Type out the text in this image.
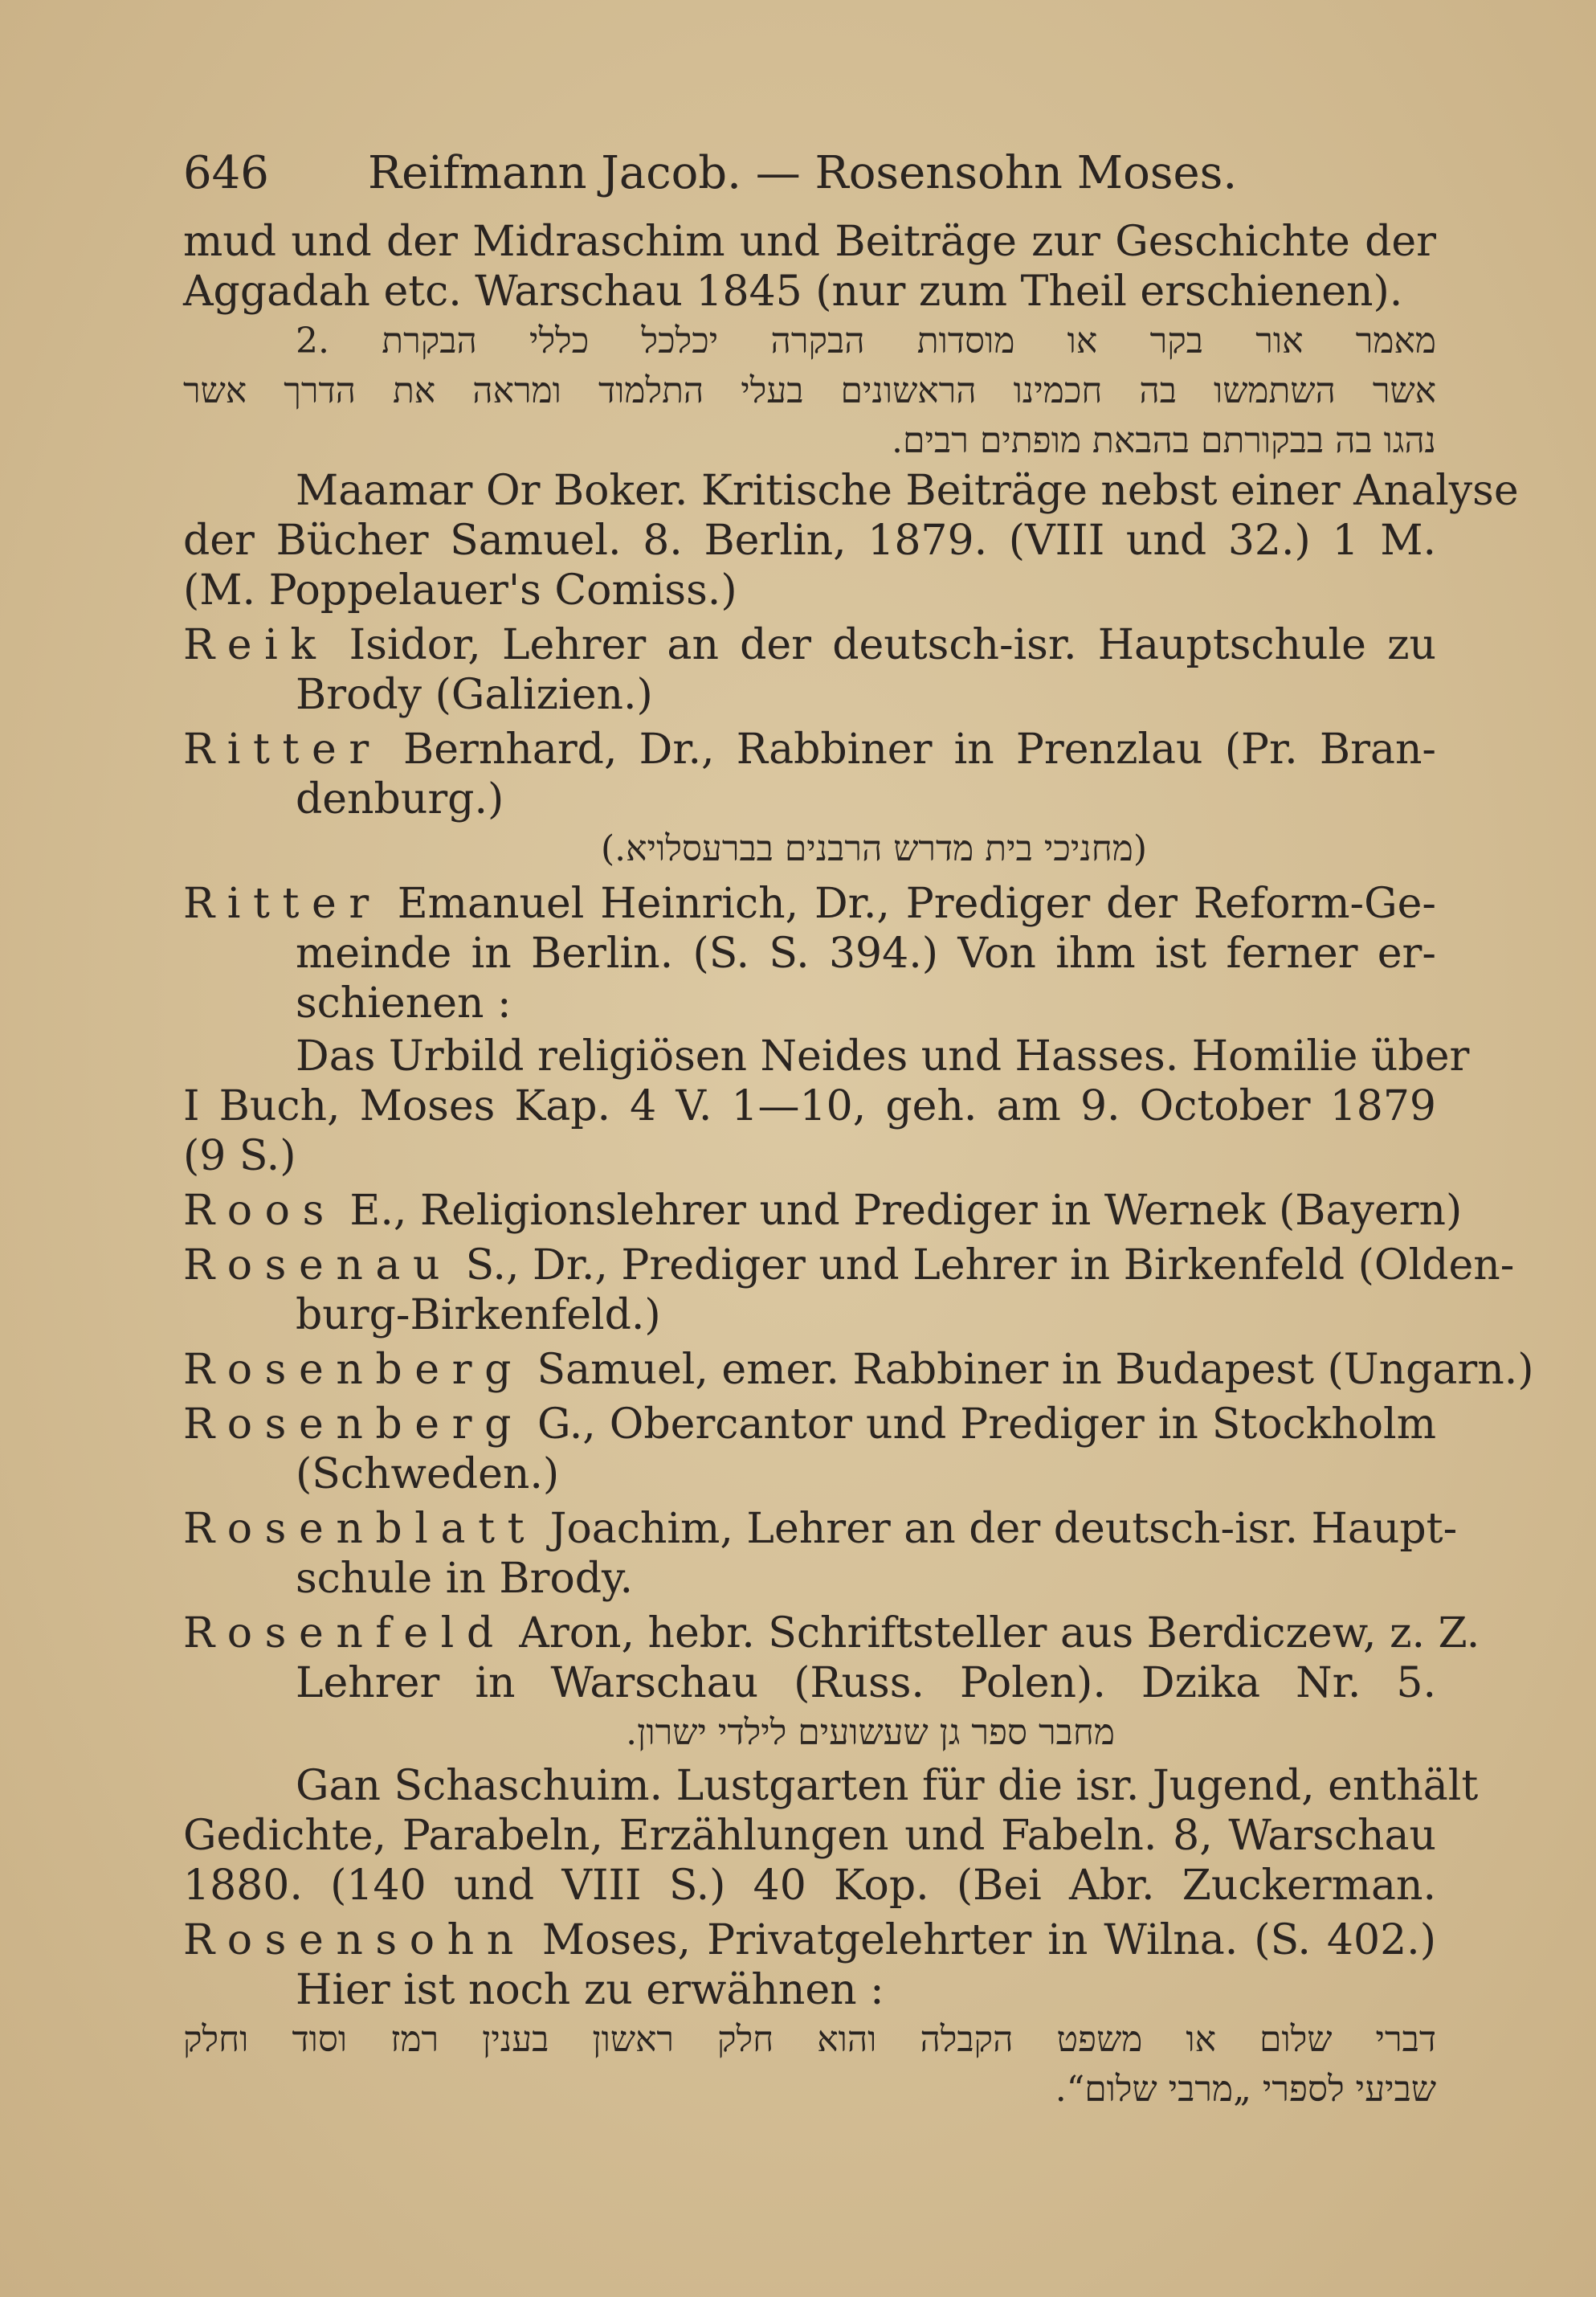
646	Reifmann Jacob. — Rosensohn Moses.
mud und der Midraschim und Beiträge zur Geschichte der
Aggadah etc. Warschau 1845 (nur zum Theil erschienen).
מאמר אור בקר או מוסדות הבקרה יכלכל כללי הבקרת .2
אשר השתמשו בה חכמינו הראשונים בעלי התלמוד ומראה את הדרך אשר
נהגו בה בבקורתם בהבאת מופתים רבים.
Maamar Or Boker. Kritische Beiträge nebst einer Analyse
der Bücher Samuel. 8. Berlin, 1879. (VIII und 32.) 1 M.
(M. Poppelauer's Comiss.)
Reik Isidor, Lehrer an der deutsch-isr. Hauptschule zu
Brody (Galizien.)
Ritter Bernhard, Dr., Rabbiner in Prenzlau (Pr. Bran-
denburg.)
(מחניכי בית מדרש הרבנים בברעסלויא.)
Ritter Emanuel Heinrich, Dr., Prediger der Reform-Ge-
meinde in Berlin. (S. S. 394.) Von ihm ist ferner er-
schienen :
Das Urbild religiösen Neides und Hasses. Homilie über
I Buch, Moses Kap. 4 V. 1—10, geh. am 9. October 1879
(9 S.)
Roos E., Religionslehrer und Prediger in Wernek (Bayern)
Rosenau S., Dr., Prediger und Lehrer in Birkenfeld (Olden-
burg-Birkenfeld.)
Rosenberg Samuel, emer. Rabbiner in Budapest (Ungarn.)
Rosenberg G., Obercantor und Prediger in Stockholm
(Schweden.)
Rosenblatt Joachim, Lehrer an der deutsch-isr. Haupt-
schule in Brody.
Rosenfeld Aron, hebr. Schriftsteller aus Berdiczew, z. Z.
Lehrer in Warschau (Russ. Polen). Dzika Nr. 5.
מחבר ספר גן שעשועים לילדי ישרון.
Gan Schaschuim. Lustgarten für die isr. Jugend, enthält
Gedichte, Parabeln, Erzählungen und Fabeln. 8, Warschau
1880. (140 und VIII S.) 40 Kop. (Bei Abr. Zuckerman.
Rosensohn Moses, Privatgelehrter in Wilna. (S. 402.)
Hier ist noch zu erwähnen :
דברי שלום או משפט הקבלה והוא חלק ראשון בענין רמז וסוד וחלק
שביעי לספרי „מרבי שלום“.
